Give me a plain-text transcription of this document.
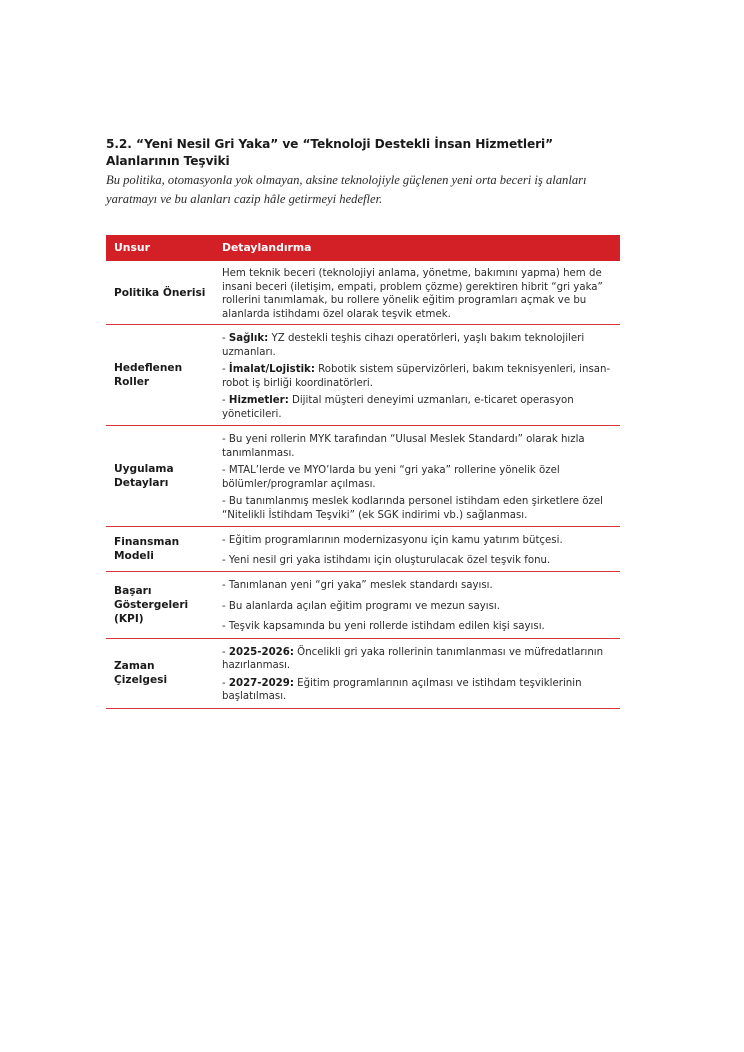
5.2. “Yeni Nesil Gri Yaka” ve “Teknoloji Destekli İnsan Hizmetleri” Alanlarının Teşviki

Bu politika, otomasyonla yok olmayan, aksine teknolojiyle güçlenen yeni orta beceri iş alanları yaratmayı ve bu alanları cazip hâle getirmeyi hedefler.

Unsur	Detaylandırma
Politika Önerisi	Hem teknik beceri (teknolojiyi anlama, yönetme, bakımını yapma) hem de insani beceri (iletişim, empati, problem çözme) gerektiren hibrit “gri yaka” rollerini tanımlamak, bu rollere yönelik eğitim programları açmak ve bu alanlarda istihdamı özel olarak teşvik etmek.

Hedeflenen Roller	- Sağlık: YZ destekli teşhis cihazı operatörleri, yaşlı bakım teknolojileri uzmanları.
- İmalat/Lojistik: Robotik sistem süpervizörleri, bakım teknisyenleri, insan-robot iş birliği koordinatörleri.
- Hizmetler: Dijital müşteri deneyimi uzmanları, e-ticaret operasyon yöneticileri.

Uygulama Detayları	- Bu yeni rollerin MYK tarafından “Ulusal Meslek Standardı” olarak hızla tanımlanması.
- MTAL’lerde ve MYO’larda bu yeni “gri yaka” rollerine yönelik özel bölümler/programlar açılması.
- Bu tanımlanmış meslek kodlarında personel istihdam eden şirketlere özel “Nitelikli İstihdam Teşviki” (ek SGK indirimi vb.) sağlanması.

Finansman Modeli	- Eğitim programlarının modernizasyonu için kamu yatırım bütçesi.
- Yeni nesil gri yaka istihdamı için oluşturulacak özel teşvik fonu.

Başarı Göstergeleri (KPI)	- Tanımlanan yeni “gri yaka” meslek standardı sayısı.
- Bu alanlarda açılan eğitim programı ve mezun sayısı.
- Teşvik kapsamında bu yeni rollerde istihdam edilen kişi sayısı.

Zaman Çizelgesi	- 2025-2026: Öncelikli gri yaka rollerinin tanımlanması ve müfredatlarının hazırlanması.
- 2027-2029: Eğitim programlarının açılması ve istihdam teşviklerinin başlatılması.
